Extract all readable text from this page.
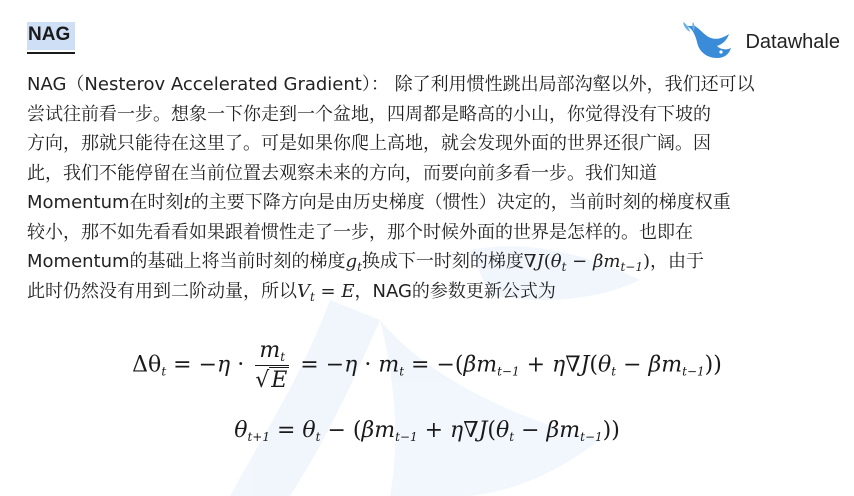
NAG	Datawhale
NAG（Nesterov Accelerated Gradient）： 除了利用惯性跳出局部沟壑以外，我们还可以
尝试往前看一步。想象一下你走到一个盆地，四周都是略高的小山，你觉得没有下坡的
方向，那就只能待在这里了。可是如果你爬上高地，就会发现外面的世界还很广阔。因
此，我们不能停留在当前位置去观察未来的方向，而要向前多看一步。我们知道
Momentum在时刻t的主要下降方向是由历史梯度（惯性）决定的，当前时刻的梯度权重
较小，那不如先看看如果跟着惯性走了一步，那个时候外面的世界是怎样的。也即在
Momentum的基础上将当前时刻的梯度$g_t$换成下一时刻的梯度$\nabla J(\theta_t - \beta m_{t-1})$，由于
此时仍然没有用到二阶动量，所以$V_t = E$，NAG的参数更新公式为
$\Delta\theta_t = -\eta \cdot \frac{m_t}{√E} = -\eta \cdot m_t = -(\beta m_{t-1} + \eta\nabla J(\theta_t - \beta m_{t-1}))$
$\theta_{t+1} = \theta_t - (\beta m_{t-1} + \eta\nabla J(\theta_t - \beta m_{t-1}))$
